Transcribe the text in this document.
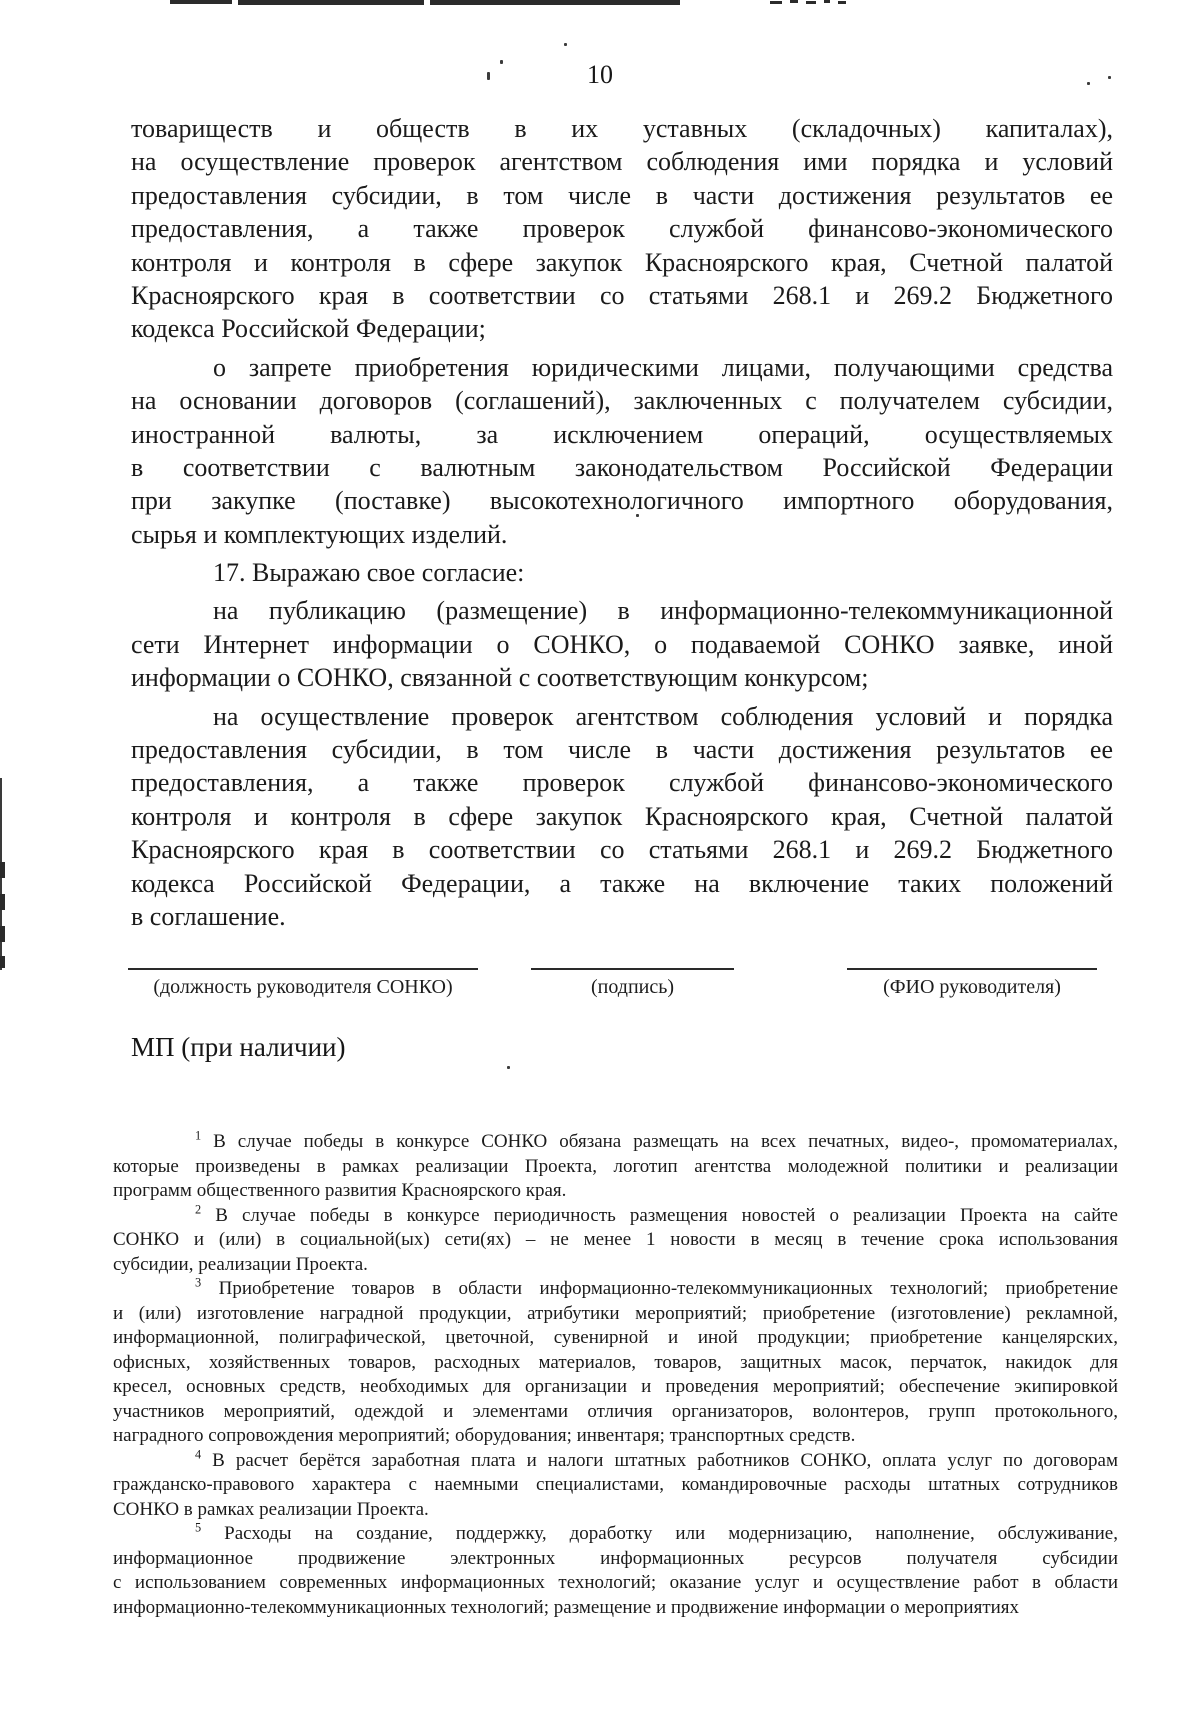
10
товариществ и обществ в их уставных (складочных) капиталах),
на осуществление проверок агентством соблюдения ими порядка и условий
предоставления субсидии, в том числе в части достижения результатов ее
предоставления, а также проверок службой финансово-экономического
контроля и контроля в сфере закупок Красноярского края, Счетной палатой
Красноярского края в соответствии со статьями 268.1 и 269.2 Бюджетного
кодекса Российской Федерации;
о запрете приобретения юридическими лицами, получающими средства
на основании договоров (соглашений), заключенных с получателем субсидии,
иностранной валюты, за исключением операций, осуществляемых
в соответствии с валютным законодательством Российской Федерации
при закупке (поставке) высокотехнологичного импортного оборудования,
сырья и комплектующих изделий.
17. Выражаю свое согласие:
на публикацию (размещение) в информационно-телекоммуникационной
сети Интернет информации о СОНКО, о подаваемой СОНКО заявке, иной
информации о СОНКО, связанной с соответствующим конкурсом;
на осуществление проверок агентством соблюдения условий и порядка
предоставления субсидии, в том числе в части достижения результатов ее
предоставления, а также проверок службой финансово-экономического
контроля и контроля в сфере закупок Красноярского края, Счетной палатой
Красноярского края в соответствии со статьями 268.1 и 269.2 Бюджетного
кодекса Российской Федерации, а также на включение таких положений
в соглашение.
(должность руководителя СОНКО)	(подпись)	(ФИО руководителя)
МП (при наличии)
$^1$ В случае победы в конкурсе СОНКО обязана размещать на всех печатных, видео-, промоматериалах,
которые произведены в рамках реализации Проекта, логотип агентства молодежной политики и реализации
программ общественного развития Красноярского края.
$^2$ В случае победы в конкурсе периодичность размещения новостей о реализации Проекта на сайте
СОНКО и (или) в социальной(ых) сети(ях) – не менее 1 новости в месяц в течение срока использования
субсидии, реализации Проекта.
$^3$ Приобретение товаров в области информационно-телекоммуникационных технологий; приобретение
и (или) изготовление наградной продукции, атрибутики мероприятий; приобретение (изготовление) рекламной,
информационной, полиграфической, цветочной, сувенирной и иной продукции; приобретение канцелярских,
офисных, хозяйственных товаров, расходных материалов, товаров, защитных масок, перчаток, накидок для
кресел, основных средств, необходимых для организации и проведения мероприятий; обеспечение экипировкой
участников мероприятий, одеждой и элементами отличия организаторов, волонтеров, групп протокольного,
наградного сопровождения мероприятий; оборудования; инвентаря; транспортных средств.
$^4$ В расчет берётся заработная плата и налоги штатных работников СОНКО, оплата услуг по договорам
гражданско-правового характера с наемными специалистами, командировочные расходы штатных сотрудников
СОНКО в рамках реализации Проекта.
$^5$ Расходы на создание, поддержку, доработку или модернизацию, наполнение, обслуживание,
информационное продвижение электронных информационных ресурсов получателя субсидии
с использованием современных информационных технологий; оказание услуг и осуществление работ в области
информационно-телекоммуникационных технологий; размещение и продвижение информации о мероприятиях
